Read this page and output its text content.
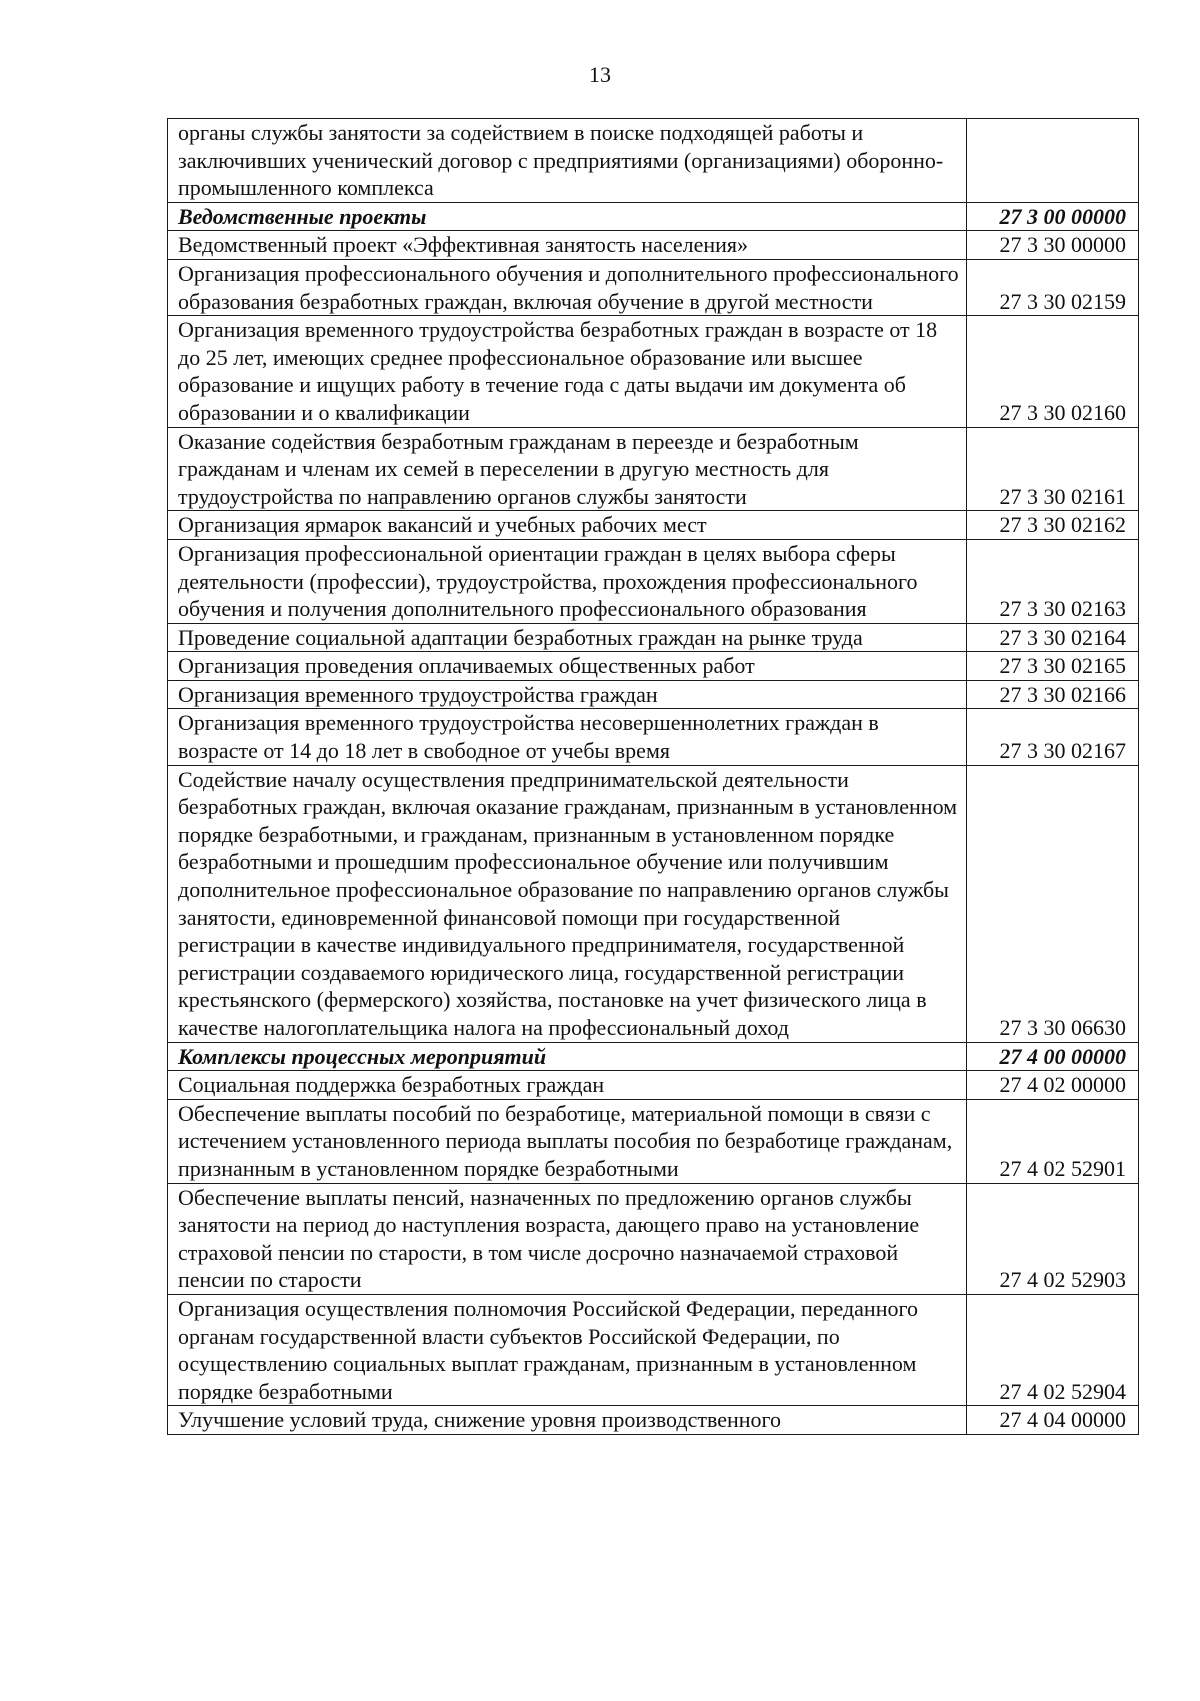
13
органы службы занятости за содействием в поиске подходящей работы и заключивших ученический договор с предприятиями (организациями) оборонно-промышленного комплекса	
Ведомственные проекты	27 3 00 00000
Ведомственный проект «Эффективная занятость населения»	27 3 30 00000
Организация профессионального обучения и дополнительного профессионального образования безработных граждан, включая обучение в другой местности	27 3 30 02159
Организация временного трудоустройства безработных граждан в возрасте от 18 до 25 лет, имеющих среднее профессиональное образование или высшее образование и ищущих работу в течение года с даты выдачи им документа об образовании и о квалификации	27 3 30 02160
Оказание содействия безработным гражданам в переезде и безработным гражданам и членам их семей в переселении в другую местность для трудоустройства по направлению органов службы занятости	27 3 30 02161
Организация ярмарок вакансий и учебных рабочих мест	27 3 30 02162
Организация профессиональной ориентации граждан в целях выбора сферы деятельности (профессии), трудоустройства, прохождения профессионального обучения и получения дополнительного профессионального образования	27 3 30 02163
Проведение социальной адаптации безработных граждан на рынке труда	27 3 30 02164
Организация проведения оплачиваемых общественных работ	27 3 30 02165
Организация временного трудоустройства граждан	27 3 30 02166
Организация временного трудоустройства несовершеннолетних граждан в возрасте от 14 до 18 лет в свободное от учебы время	27 3 30 02167
Содействие началу осуществления предпринимательской деятельности безработных граждан, включая оказание гражданам, признанным в установленном порядке безработными, и гражданам, признанным в установленном порядке безработными и прошедшим профессиональное обучение или получившим дополнительное профессиональное образование по направлению органов службы занятости, единовременной финансовой помощи при государственной регистрации в качестве индивидуального предпринимателя, государственной регистрации создаваемого юридического лица, государственной регистрации крестьянского (фермерского) хозяйства, постановке на учет физического лица в качестве налогоплательщика налога на профессиональный доход	27 3 30 06630
Комплексы процессных мероприятий	27 4 00 00000
Социальная поддержка безработных граждан	27 4 02 00000
Обеспечение выплаты пособий по безработице, материальной помощи в связи с истечением установленного периода выплаты пособия по безработице гражданам, признанным в установленном порядке безработными	27 4 02 52901
Обеспечение выплаты пенсий, назначенных по предложению органов службы занятости на период до наступления возраста, дающего право на установление страховой пенсии по старости, в том числе досрочно назначаемой страховой пенсии по старости	27 4 02 52903
Организация осуществления полномочия Российской Федерации, переданного органам государственной власти субъектов Российской Федерации, по осуществлению социальных выплат гражданам, признанным в установленном порядке безработными	27 4 02 52904
Улучшение условий труда, снижение уровня производственного	27 4 04 00000
